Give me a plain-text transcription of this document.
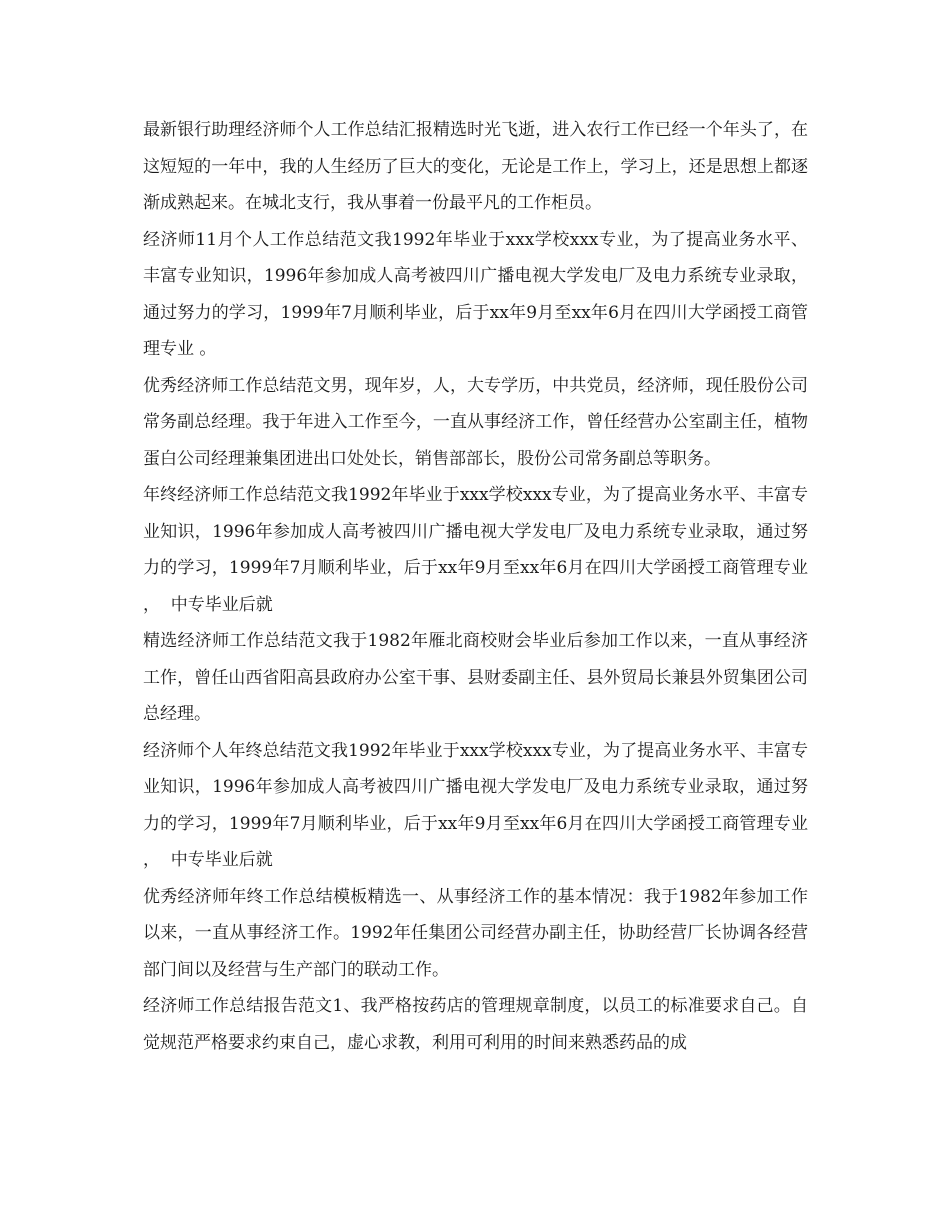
最新银行助理经济师个人工作总结汇报精选时光飞逝，进入农行工作已经一个年头了，在这短短的一年中，我的人生经历了巨大的变化，无论是工作上，学习上，还是思想上都逐渐成熟起来。在城北支行，我从事着一份最平凡的工作柜员。

经济师11月个人工作总结范文我1992年毕业于xxx学校xxx专业，为了提高业务水平、丰富专业知识，1996年参加成人高考被四川广播电视大学发电厂及电力系统专业录取，通过努力的学习，1999年7月顺利毕业，后于xx年9月至xx年6月在四川大学函授工商管理专业 。

优秀经济师工作总结范文男，现年岁，人，大专学历，中共党员，经济师，现任股份公司常务副总经理。我于年进入工作至今，一直从事经济工作，曾任经营办公室副主任，植物蛋白公司经理兼集团进出口处处长，销售部部长，股份公司常务副总等职务。

年终经济师工作总结范文我1992年毕业于xxx学校xxx专业，为了提高业务水平、丰富专业知识，1996年参加成人高考被四川广播电视大学发电厂及电力系统专业录取，通过努力的学习，1999年7月顺利毕业，后于xx年9月至xx年6月在四川大学函授工商管理专业 ，  中专毕业后就

精选经济师工作总结范文我于1982年雁北商校财会毕业后参加工作以来，一直从事经济工作，曾任山西省阳高县政府办公室干事、县财委副主任、县外贸局长兼县外贸集团公司总经理。

经济师个人年终总结范文我1992年毕业于xxx学校xxx专业，为了提高业务水平、丰富专业知识，1996年参加成人高考被四川广播电视大学发电厂及电力系统专业录取，通过努力的学习，1999年7月顺利毕业，后于xx年9月至xx年6月在四川大学函授工商管理专业 ，  中专毕业后就

优秀经济师年终工作总结模板精选一、从事经济工作的基本情况：我于1982年参加工作以来，一直从事经济工作。1992年任集团公司经营办副主任，协助经营厂长协调各经营部门间以及经营与生产部门的联动工作。

经济师工作总结报告范文1、我严格按药店的管理规章制度，以员工的标准要求自己。自觉规范严格要求约束自己，虚心求教，利用可利用的时间来熟悉药品的成
